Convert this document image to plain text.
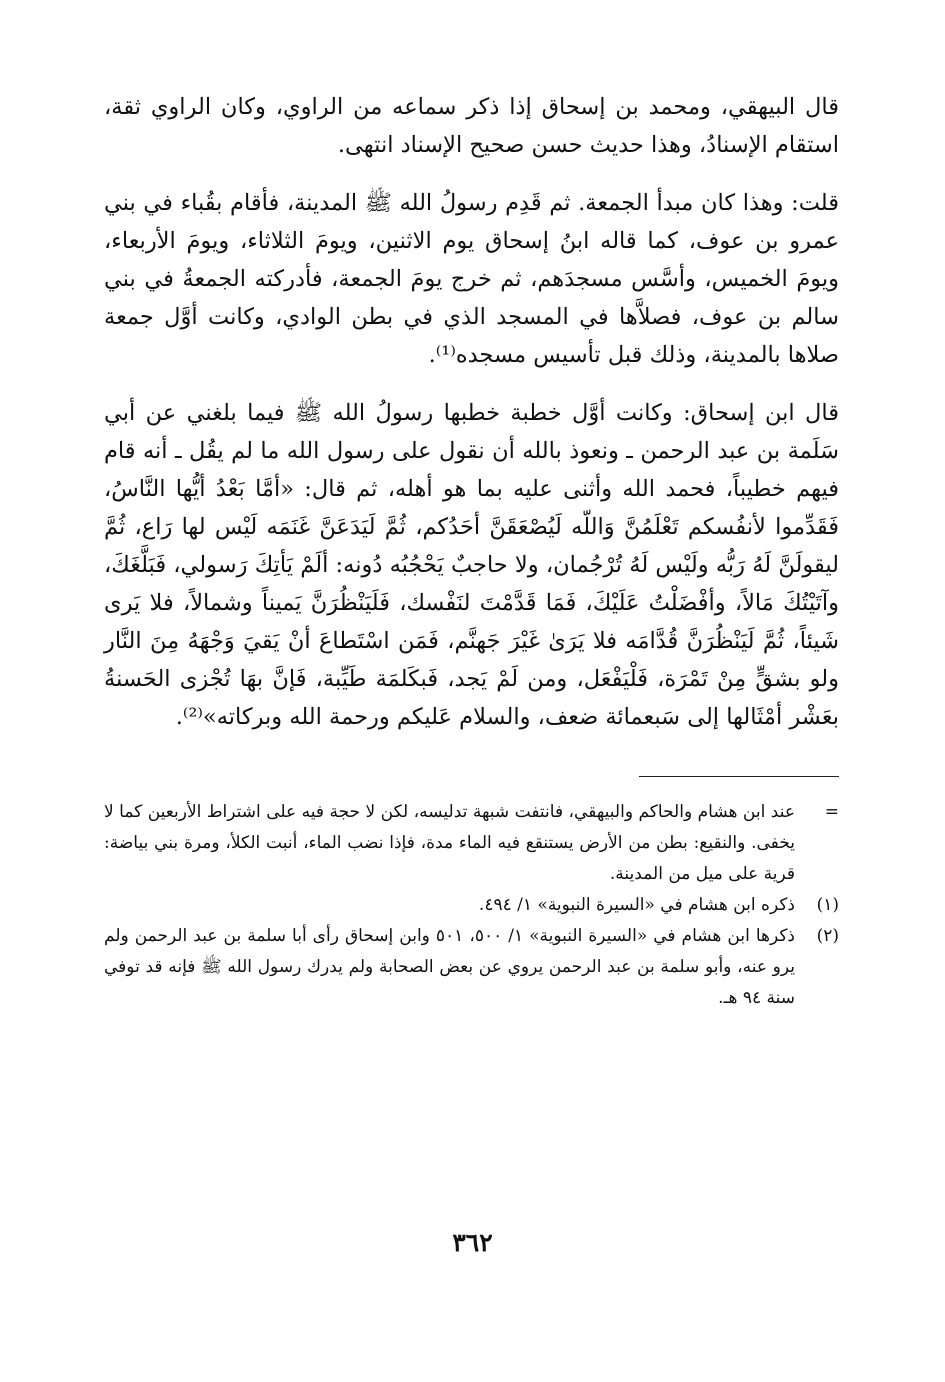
قال البيهقي، ومحمد بن إسحاق إذا ذكر سماعه من الراوي، وكان الراوي ثقة، استقام الإسنادُ، وهذا حديث حسن صحيح الإسناد انتهى.

قلت: وهذا كان مبدأ الجمعة. ثم قَدِم رسولُ الله ﷺ المدينة، فأقام بقُباء في بني عمرو بن عوف، كما قاله ابنُ إسحاق يوم الاثنين، ويومَ الثلاثاء، ويومَ الأربعاء، ويومَ الخميس، وأسَّس مسجدَهم، ثم خرج يومَ الجمعة، فأدركته الجمعةُ في بني سالم بن عوف، فصلاَّها في المسجد الذي في بطن الوادي، وكانت أوَّل جمعة صلاها بالمدينة، وذلك قبل تأسيس مسجده⁽¹⁾.

قال ابن إسحاق: وكانت أوَّل خطبة خطبها رسولُ الله ﷺ فيما بلغني عن أبي سَلَمة بن عبد الرحمن ـ ونعوذ بالله أن نقول على رسول الله ما لم يقُل ـ أنه قام فيهم خطيباً، فحمد الله وأثنى عليه بما هو أهله، ثم قال: «أمَّا بَعْدُ أيُّها النَّاسُ، فَقَدِّموا لأنفُسكم تَعْلَمُنَّ وَاللّه لَيُصْعَقَنَّ أحَدُكم، ثُمَّ لَيَدَعَنَّ غَنَمَه لَيْس لها رَاع، ثُمَّ ليقولَنَّ لَهُ رَبُّه ولَيْس لَهُ تُرْجُمان، ولا حاجبٌ يَحْجُبُه دُونه: ألَمْ يَأتِكَ رَسولي، فَبَلَّغَكَ، وآتَيْتُكَ مَالاً، وأفْضَلْتُ عَلَيْكَ، فَمَا قَدَّمْتَ لنَفْسك، فَلَيَنْظُرَنَّ يَميناً وشمالاً، فلا يَرى شَيئاً، ثُمَّ لَيَنْظُرَنَّ قُدَّامَه فلا يَرَىٰ غَيْرَ جَهنَّم، فَمَن اسْتَطاعَ أنْ يَقيَ وَجْهَهُ مِنَ النَّار ولو بشقٍّ مِنْ تَمْرَة، فَلْيَفْعَل، ومن لَمْ يَجد، فَبكَلمَة طَيِّبة، فَإنَّ بهَا تُجْزى الحَسنةُ بعَشْر أمْثَالها إلى سَبعمائة ضعف، والسلام عَليكم ورحمة الله وبركاته»⁽²⁾.

=
عند ابن هشام والحاكم والبيهقي، فانتفت شبهة تدليسه، لكن لا حجة فيه على اشتراط الأربعين كما لا يخفى. والنقيع: بطن من الأرض يستنقع فيه الماء مدة، فإذا نضب الماء، أنبت الكلأ، ومرة بني بياضة: قرية على ميل من المدينة.
(١)
ذكره ابن هشام في «السيرة النبوية» ١/ ٤٩٤.
(٢)
ذكرها ابن هشام في «السيرة النبوية» ١/ ٥٠٠، ٥٠١ وابن إسحاق رأى أبا سلمة بن عبد الرحمن ولم يرو عنه، وأبو سلمة بن عبد الرحمن يروي عن بعض الصحابة ولم يدرك رسول الله ﷺ فإنه قد توفي سنة ٩٤ هـ.
٣٦٢
